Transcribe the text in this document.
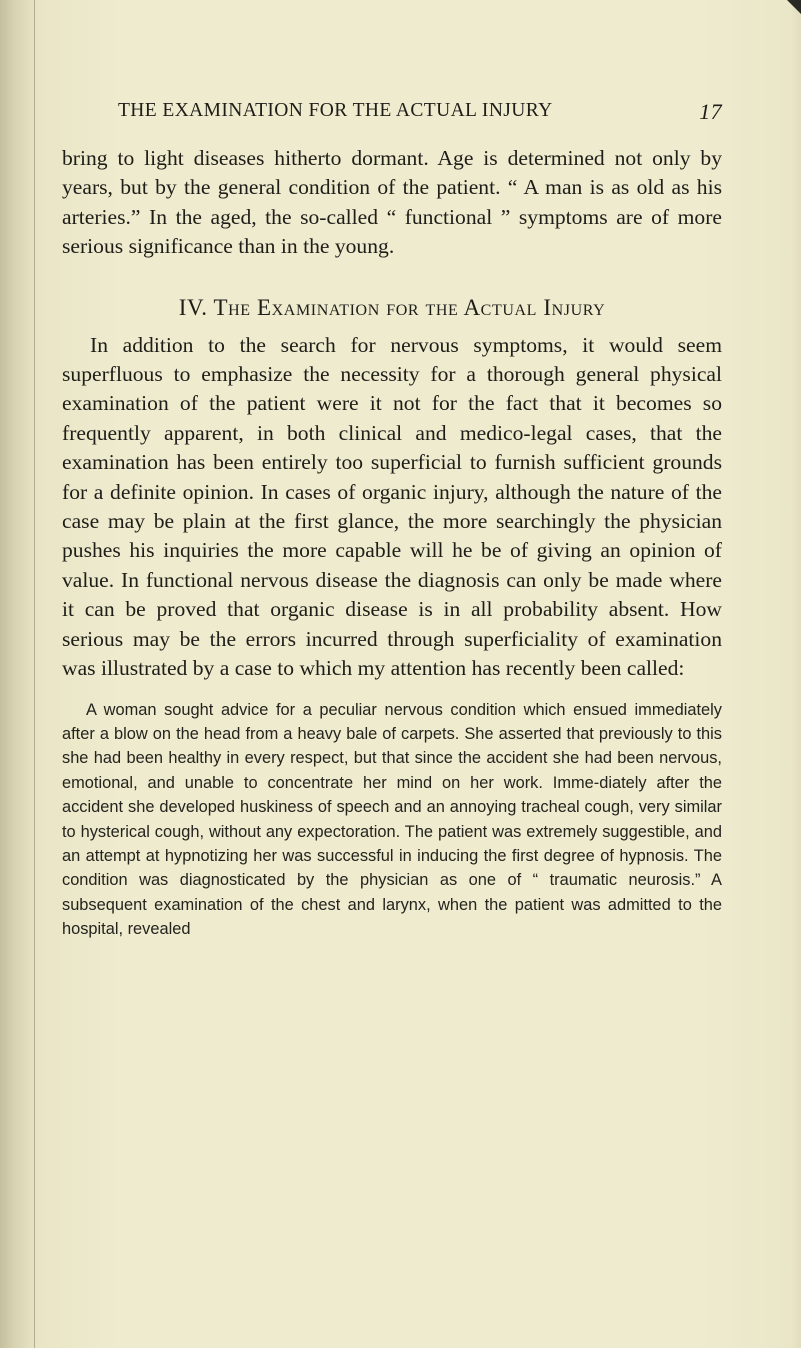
THE EXAMINATION FOR THE ACTUAL INJURY	17

bring to light diseases hitherto dormant. Age is determined not only by years, but by the general condition of the patient. “ A man is as old as his arteries.” In the aged, the so-called “ functional ” symptoms are of more serious significance than in the young.

IV. The Examination for the Actual Injury

In addition to the search for nervous symptoms, it would seem superfluous to emphasize the necessity for a thorough general physical examination of the patient were it not for the fact that it becomes so frequently apparent, in both clinical and medico-legal cases, that the examination has been entirely too superficial to furnish sufficient grounds for a definite opinion. In cases of organic injury, although the nature of the case may be plain at the first glance, the more searchingly the physician pushes his inquiries the more capable will he be of giving an opinion of value. In functional nervous disease the diagnosis can only be made where it can be proved that organic disease is in all probability absent. How serious may be the errors incurred through superficiality of examination was illustrated by a case to which my attention has recently been called:

A woman sought advice for a peculiar nervous condition which ensued immediately after a blow on the head from a heavy bale of carpets. She asserted that previously to this she had been healthy in every respect, but that since the accident she had been nervous, emotional, and unable to concentrate her mind on her work. Imme-diately after the accident she developed huskiness of speech and an annoying tracheal cough, very similar to hysterical cough, without any expectoration. The patient was extremely suggestible, and an attempt at hypnotizing her was successful in inducing the first degree of hypnosis. The condition was diagnosticated by the physician as one of “ traumatic neurosis.” A subsequent examination of the chest and larynx, when the patient was admitted to the hospital, revealed
